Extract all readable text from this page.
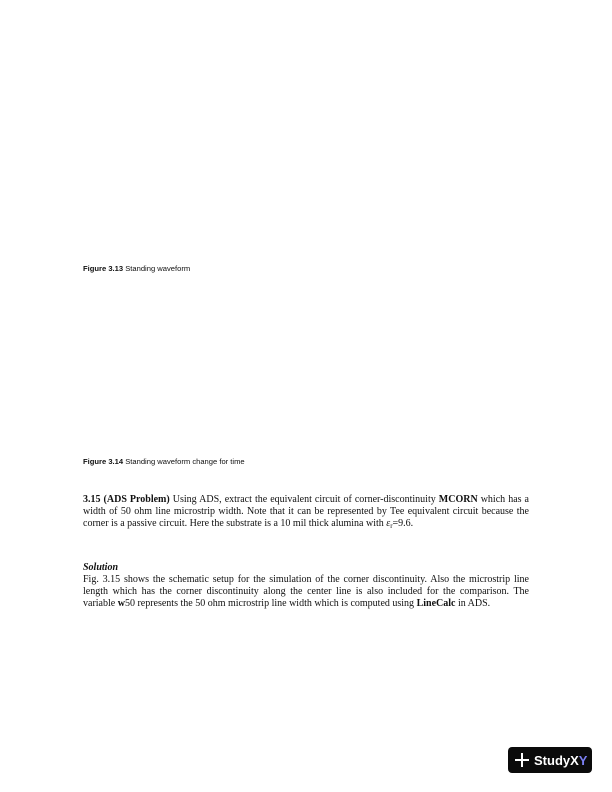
Figure 3.13 Standing waveform
Figure 3.14 Standing waveform change for time
3.15 (ADS Problem) Using ADS, extract the equivalent circuit of corner-discontinuity MCORN which has a width of 50 ohm line microstrip width. Note that it can be represented by Tee equivalent circuit because the corner is a passive circuit. Here the substrate is a 10 mil thick alumina with $\varepsilon_r=9.6$.
Solution
Fig. 3.15 shows the schematic setup for the simulation of the corner discontinuity. Also the microstrip line length which has the corner discontinuity along the center line is also included for the comparison. The variable w50 represents the 50 ohm microstrip line width which is computed using LineCalc in ADS.
StudyX Y
